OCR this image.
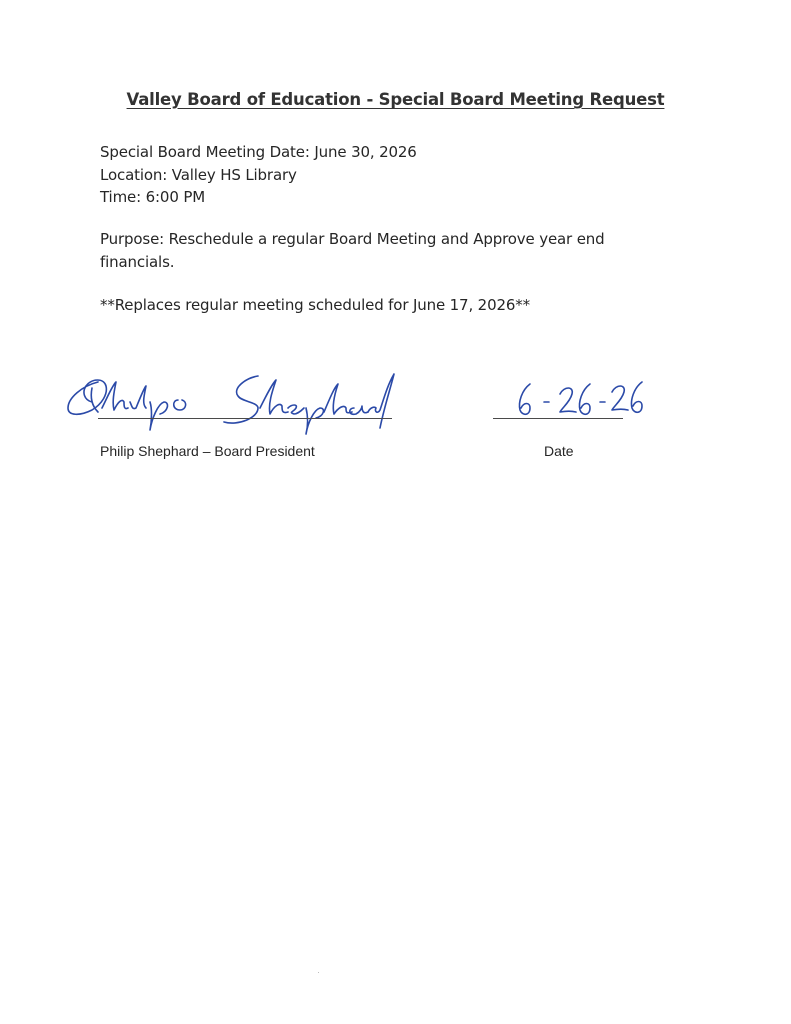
Valley Board of Education - Special Board Meeting Request
Special Board Meeting Date: June 30, 2026
Location: Valley HS Library
Time: 6:00 PM
Purpose: Reschedule a regular Board Meeting and Approve year end financials.
**Replaces regular meeting scheduled for June 17, 2026**
Philip Shephard – Board President	Date
